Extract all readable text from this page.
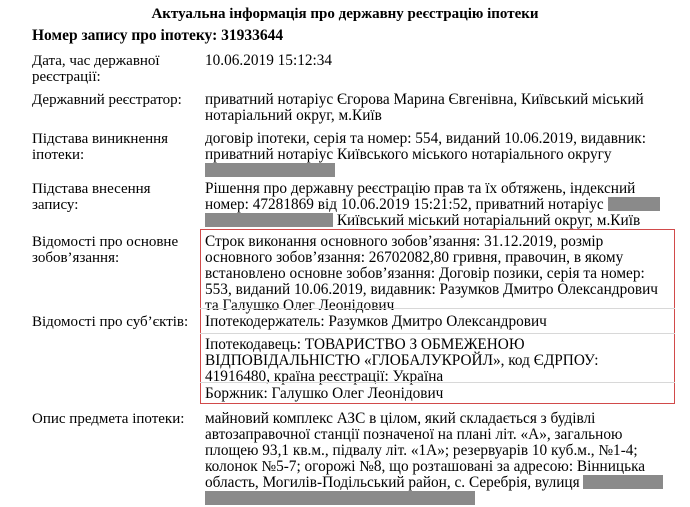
Актуальна інформація про державну реєстрацію іпотеки
Номер запису про іпотеку: 31933644
Дата, час державної
реєстрації:
10.06.2019 15:12:34
Державний реєстратор:	приватний нотаріус Єгорова Марина Євгенівна, Київський міський
нотаріальний округ, м.Київ
Підстава виникнення
іпотеки:
договір іпотеки, серія та номер: 554, виданий 10.06.2019, видавник:
приватний нотаріус Київського міського нотаріального округу
Підстава внесення
запису:
Рішення про державну реєстрацію прав та їх обтяжень, індексний
номер: 47281869 від 10.06.2019 15:21:52, приватний нотаріус
Київський міський нотаріальний округ, м.Київ
Відомості про основне
зобов’язання:
Строк виконання основного зобов’язання: 31.12.2019, розмір
основного зобов’язання: 26702082,80 гривня, правочин, в якому
встановлено основне зобов’язання: Договір позики, серія та номер:
553, виданий 10.06.2019, видавник: Разумков Дмитро Олександрович
та Галушко Олег Леонідович
Відомості про суб’єктів:	Іпотекодержатель: Разумков Дмитро Олександрович
Іпотекодавець: ТОВАРИСТВО З ОБМЕЖЕНОЮ
ВІДПОВІДАЛЬНІСТЮ «ГЛОБАЛУКРОЙЛ», код ЄДРПОУ:
41916480, країна реєстрації: Україна
Боржник: Галушко Олег Леонідович
Опис предмета іпотеки:	майновий комплекс АЗС в цілом, який складається з будівлі
автозаправочної станції позначеної на плані літ. «А», загальною
площею 93,1 кв.м., підвалу літ. «1А»; резервуарів 10 куб.м., №1-4;
колонок №5-7; огорожі №8, що розташовані за адресою: Вінницька
область, Могилів-Подільський район, с. Серебрія, вулиця
